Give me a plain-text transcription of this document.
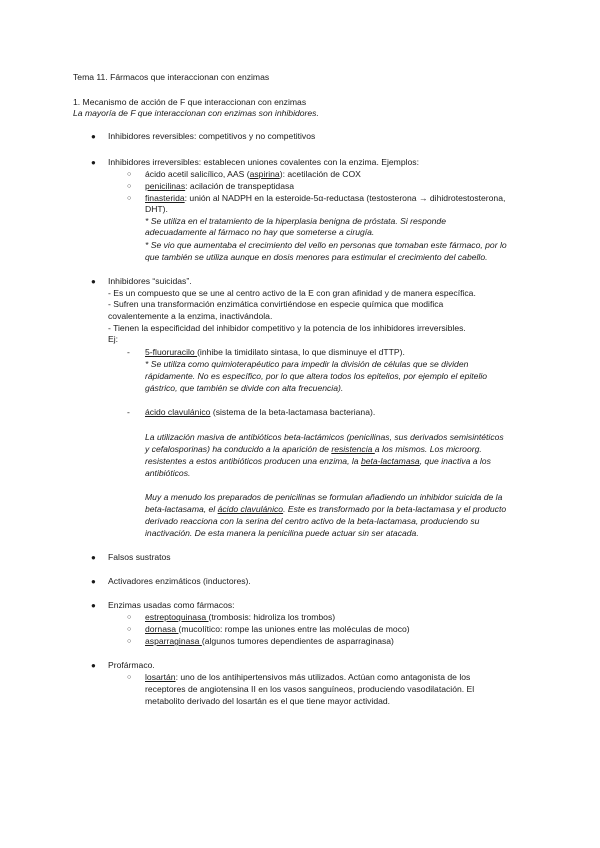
Tema 11. Fármacos que interaccionan con enzimas
1. Mecanismo de acción de F que interaccionan con enzimas
La mayoría de F que interaccionan con enzimas son inhibidores.
● Inhibidores reversibles: competitivos y no competitivos
● Inhibidores irreversibles: establecen uniones covalentes con la enzima. Ejemplos:
○ ácido acetil salicílico, AAS (aspirina): acetilación de COX
○ penicilinas: acilación de transpeptidasa
○ finasterida: unión al NADPH en la esteroide-5α-reductasa (testosterona → dihidrotestosterona,
DHT).
* Se utiliza en el tratamiento de la hiperplasia benigna de próstata. Si responde
adecuadamente al fármaco no hay que someterse a cirugía.
* Se vio que aumentaba el crecimiento del vello en personas que tomaban este fármaco, por lo
que también se utiliza aunque en dosis menores para estimular el crecimiento del cabello.
● Inhibidores “suicidas”.
- Es un compuesto que se une al centro activo de la E con gran afinidad y de manera específica.
- Sufren una transformación enzimática convirtiéndose en especie química que modifica
covalentemente a la enzima, inactivándola.
- Tienen la especificidad del inhibidor competitivo y la potencia de los inhibidores irreversibles.
Ej:
- 5-fluoruracilo (inhibe la timidilato sintasa, lo que disminuye el dTTP).
* Se utiliza como quimioterapéutico para impedir la división de células que se dividen
rápidamente. No es específico, por lo que altera todos los epitelios, por ejemplo el epitelio
gástrico, que también se divide con alta frecuencia).
- ácido clavulánico (sistema de la beta-lactamasa bacteriana).
La utilización masiva de antibióticos beta-lactámicos (penicilinas, sus derivados semisintéticos
y cefalosporinas) ha conducido a la aparición de resistencia a los mismos. Los microorg.
resistentes a estos antibióticos producen una enzima, la beta-lactamasa, que inactiva a los
antibióticos.
Muy a menudo los preparados de penicilinas se formulan añadiendo un inhibidor suicida de la
beta-lactasama, el ácido clavulánico. Este es transformado por la beta-lactamasa y el producto
derivado reacciona con la serina del centro activo de la beta-lactamasa, produciendo su
inactivación. De esta manera la penicilina puede actuar sin ser atacada.
● Falsos sustratos
● Activadores enzimáticos (inductores).
● Enzimas usadas como fármacos:
○ estreptoquinasa (trombosis: hidroliza los trombos)
○ dornasa (mucolítico: rompe las uniones entre las moléculas de moco)
○ asparraginasa (algunos tumores dependientes de asparraginasa)
● Profármaco.
○ losartán: uno de los antihipertensivos más utilizados. Actúan como antagonista de los
receptores de angiotensina II en los vasos sanguíneos, produciendo vasodilatación. El
metabolito derivado del losartán es el que tiene mayor actividad.
